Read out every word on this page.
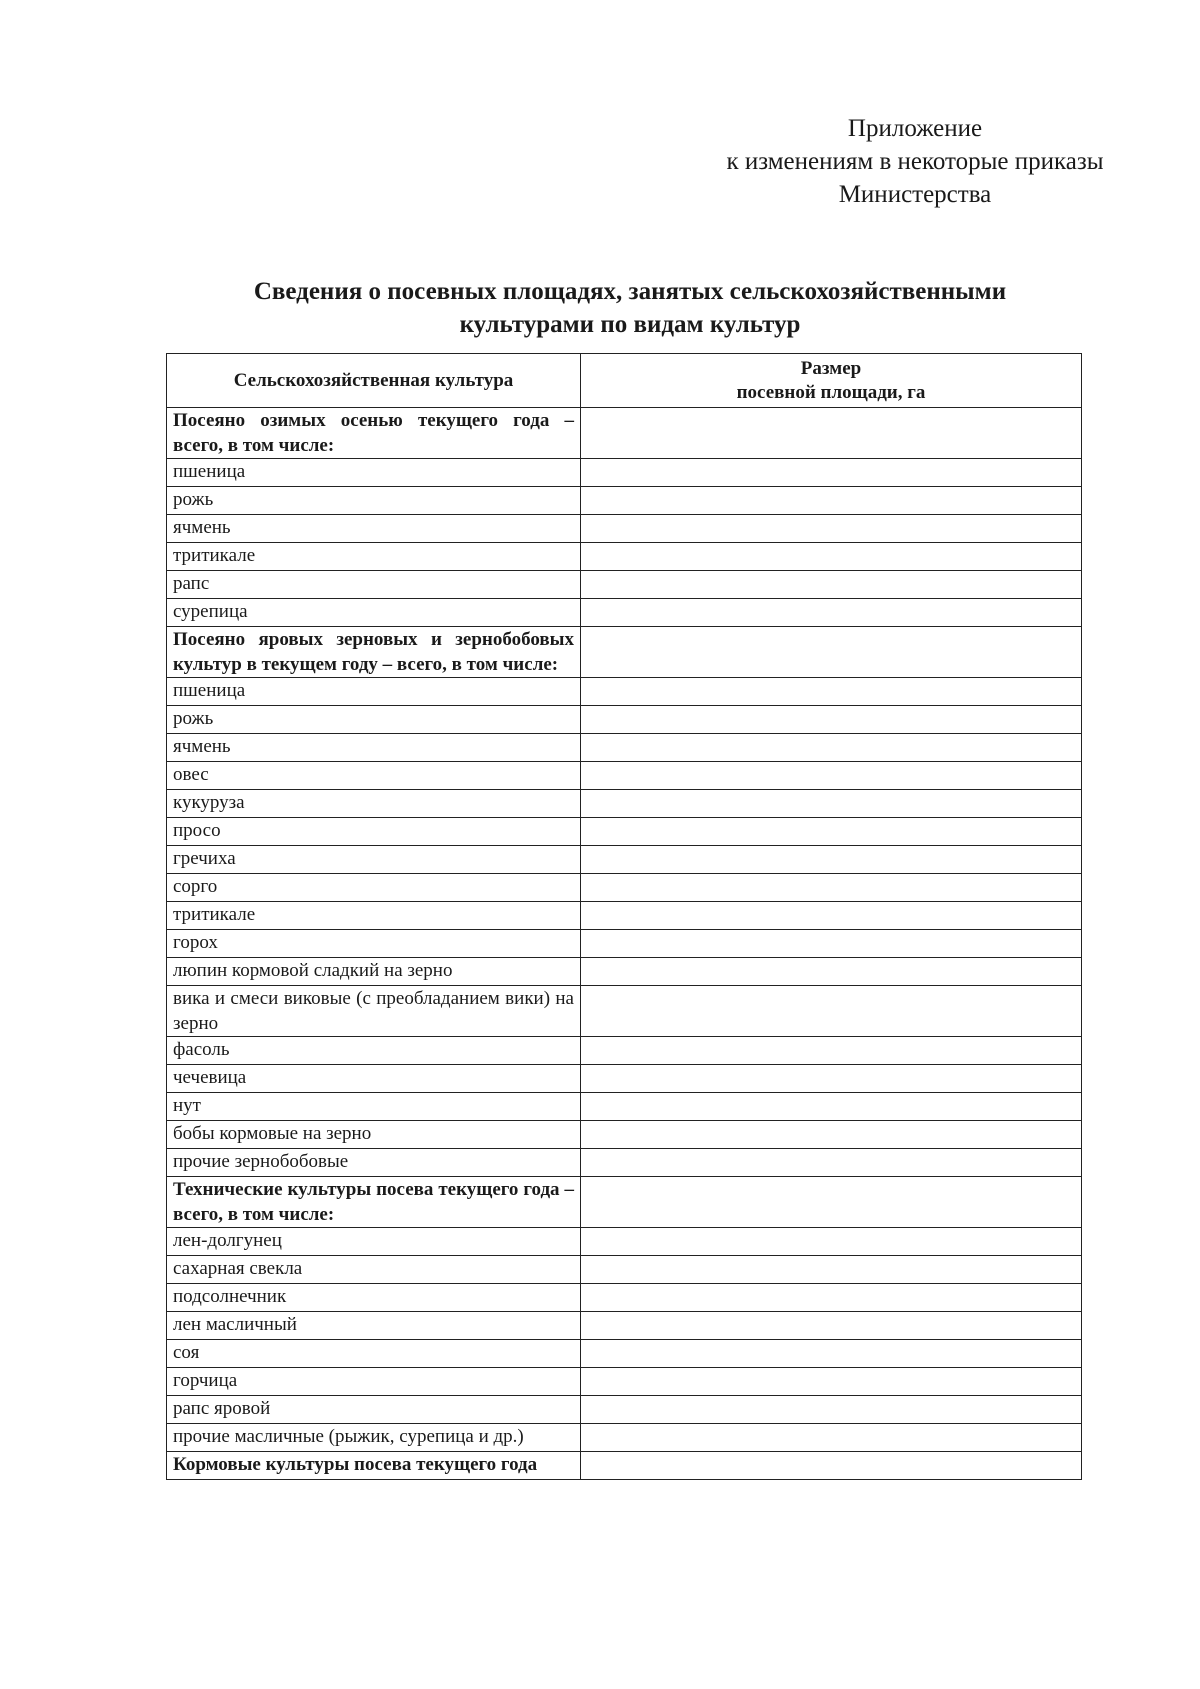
Приложение
к изменениям в некоторые приказы
Министерства
Сведения о посевных площадях, занятых сельскохозяйственными
культурами по видам культур
Сельскохозяйственная культура	Размер
посевной площади, га

Посеяно озимых осенью текущего года – всего, в том числе:	
пшеница	
рожь	
ячмень	
тритикале	
рапс	
сурепица	
Посеяно яровых зерновых и зернобобовых культур в текущем году – всего, в том числе:	
пшеница	
рожь	
ячмень	
овес	
кукуруза	
просо	
гречиха	
сорго	
тритикале	
горох	
люпин кормовой сладкий на зерно	
вика и смеси виковые (с преобладанием вики) на зерно	
фасоль	
чечевица	
нут	
бобы кормовые на зерно	
прочие зернобобовые	
Технические культуры посева текущего года – всего, в том числе:	
лен-долгунец	
сахарная свекла	
подсолнечник	
лен масличный	
соя	
горчица	
рапс яровой	
прочие масличные (рыжик, сурепица и др.)	
Кормовые культуры посева текущего года	
